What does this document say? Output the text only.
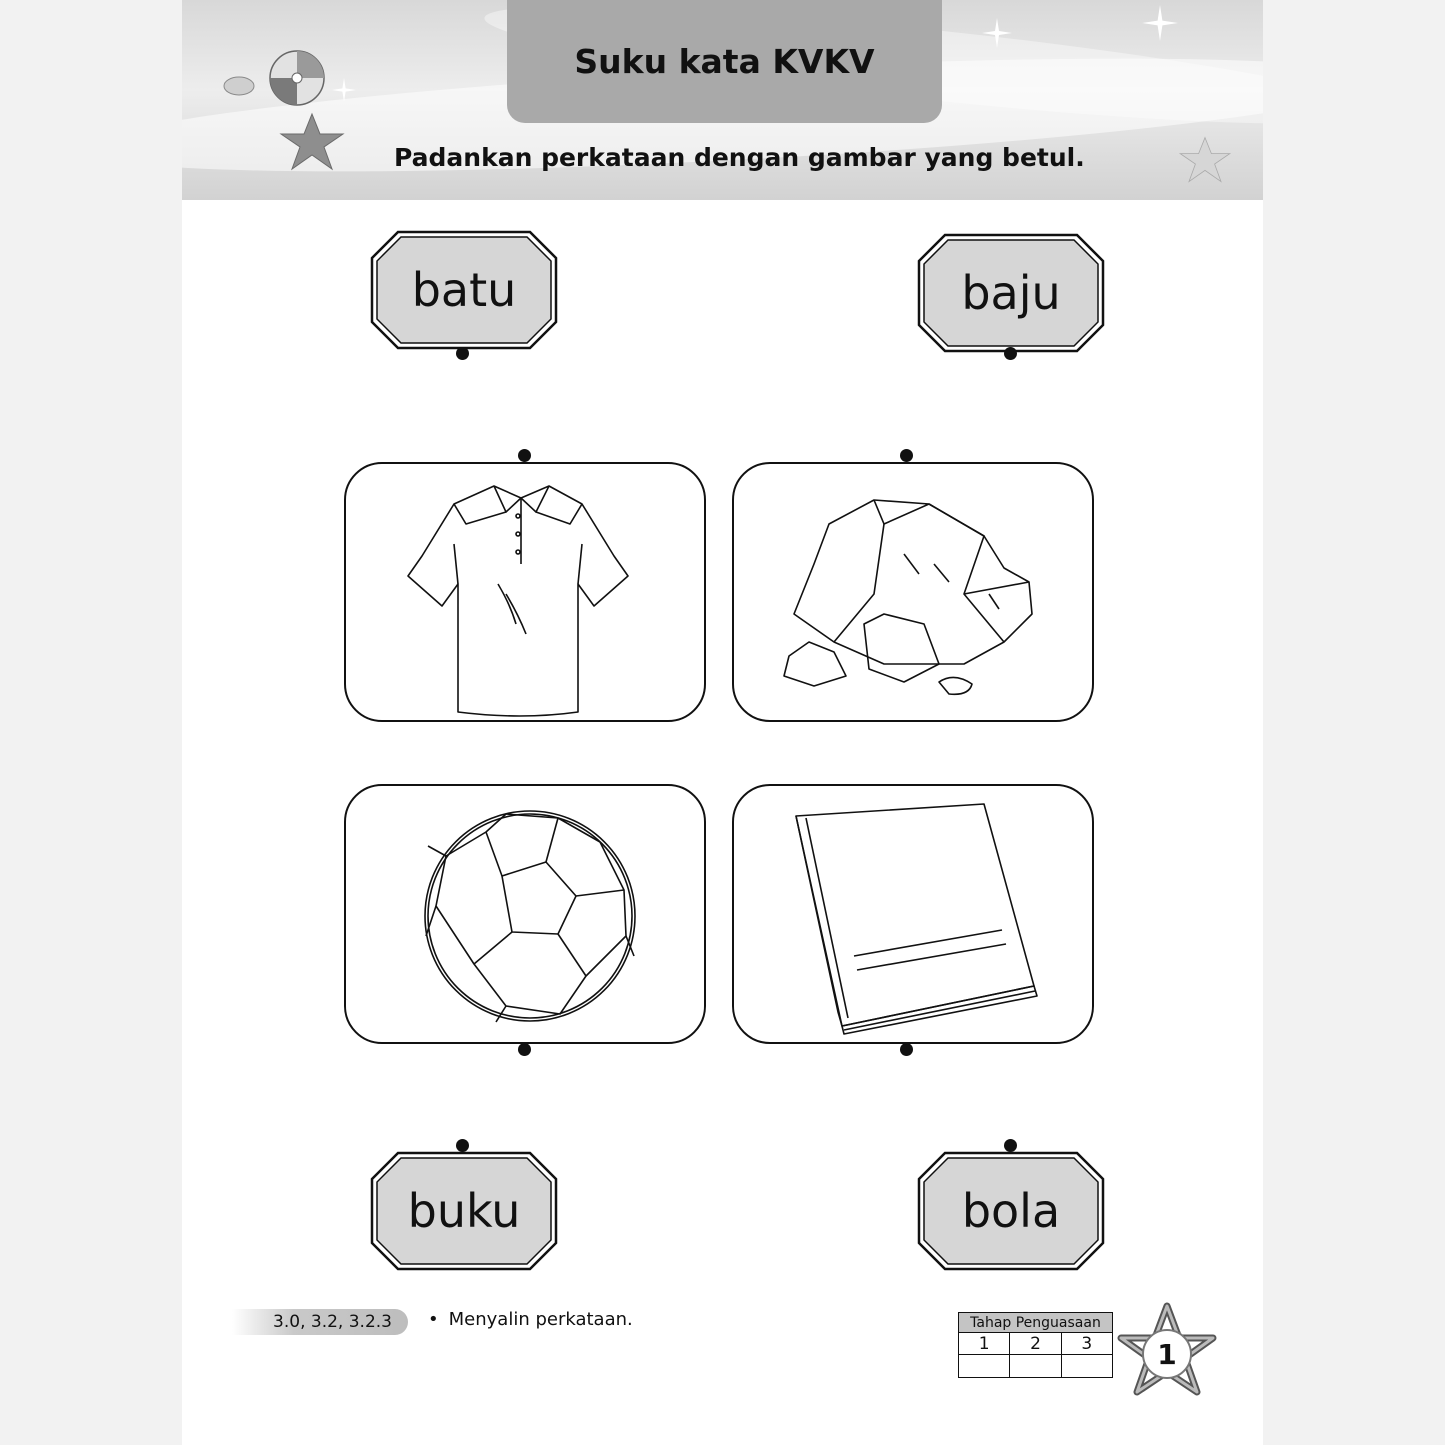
Suku kata KVKV
Padankan perkataan dengan gambar yang betul.
batu	baju
buku	bola
3.0, 3.2, 3.2.3 • Menyalin perkataan.	Tahap Penguasaan
1	2	3	1
